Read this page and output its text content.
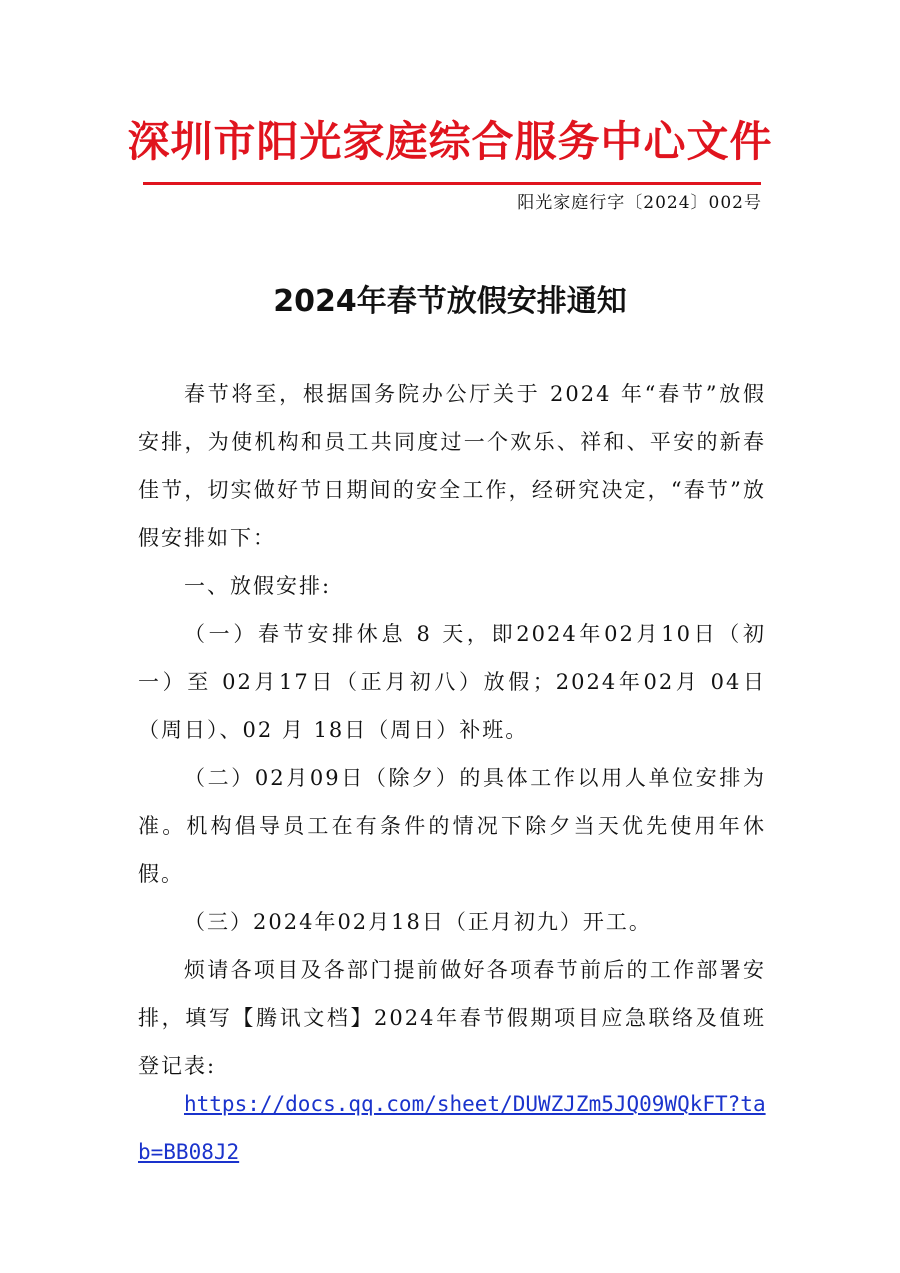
深圳市阳光家庭综合服务中心文件
阳光家庭行字〔2024〕002号
2024年春节放假安排通知

春节将至，根据国务院办公厅关于 2024 年“春节”放假安排，为使机构和员工共同度过一个欢乐、祥和、平安的新春佳节，切实做好节日期间的安全工作，经研究决定，“春节”放假安排如下：

一、放假安排:

（一）春节安排休息 8 天，即2024年02月10日（初一）至 02月17日（正月初八）放假；2024年02月 04日（周日）、02 月 18日（周日）补班。

（二）02月09日（除夕）的具体工作以用人单位安排为准。机构倡导员工在有条件的情况下除夕当天优先使用年休假。

（三）2024年02月18日（正月初九）开工。

烦请各项目及各部门提前做好各项春节前后的工作部署安排，填写【腾讯文档】2024年春节假期项目应急联络及值班登记表:

https://docs.qq.com/sheet/DUWZJZm5JQ09WQkFT?tab=BB08J2
